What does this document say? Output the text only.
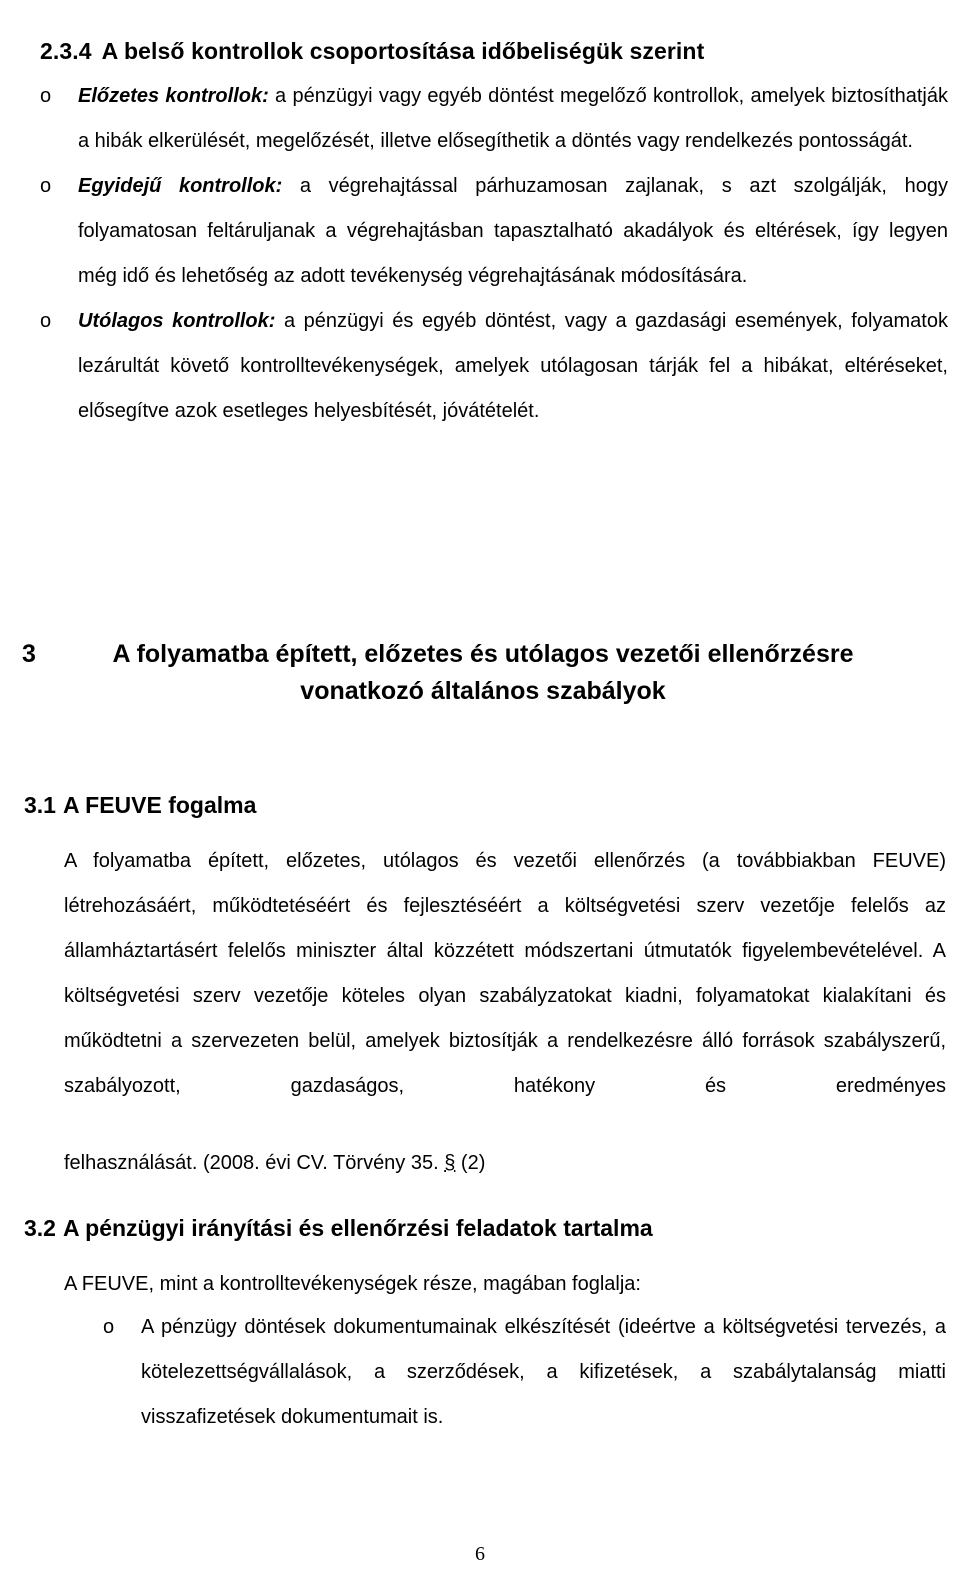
2.3.4 A belső kontrollok csoportosítása időbeliségük szerint
o Előzetes kontrollok: a pénzügyi vagy egyéb döntést megelőző kontrollok, amelyek biztosíthatják a hibák elkerülését, megelőzését, illetve elősegíthetik a döntés vagy rendelkezés pontosságát.
o Egyidejű kontrollok: a végrehajtással párhuzamosan zajlanak, s azt szolgálják, hogy folyamatosan feltáruljanak a végrehajtásban tapasztalható akadályok és eltérések, így legyen még idő és lehetőség az adott tevékenység végrehajtásának módosítására.
o Utólagos kontrollok: a pénzügyi és egyéb döntést, vagy a gazdasági események, folyamatok lezárultát követő kontrolltevékenységek, amelyek utólagosan tárják fel a hibákat, eltéréseket, elősegítve azok esetleges helyesbítését, jóvátételét.
3	A folyamatba épített, előzetes és utólagos vezetői ellenőrzésre
vonatkozó általános szabályok
3.1 A FEUVE fogalma

A folyamatba épített, előzetes, utólagos és vezetői ellenőrzés (a továbbiakban FEUVE) létrehozásáért, működtetéséért és fejlesztéséért a költségvetési szerv vezetője felelős az államháztartásért felelős miniszter által közzétett módszertani útmutatók figyelembevételével. A költségvetési szerv vezetője köteles olyan szabályzatokat kiadni, folyamatokat kialakítani és működtetni a szervezeten belül, amelyek biztosítják a rendelkezésre álló források szabályszerű, szabályozott, gazdaságos, hatékony és eredményes

felhasználását. (2008. évi CV. Törvény 35. § (2)

3.2 A pénzügyi irányítási és ellenőrzési feladatok tartalma

A FEUVE, mint a kontrolltevékenységek része, magában foglalja:

o A pénzügy döntések dokumentumainak elkészítését (ideértve a költségvetési tervezés, a kötelezettségvállalások, a szerződések, a kifizetések, a szabálytalanság miatti visszafizetések dokumentumait is.
6
